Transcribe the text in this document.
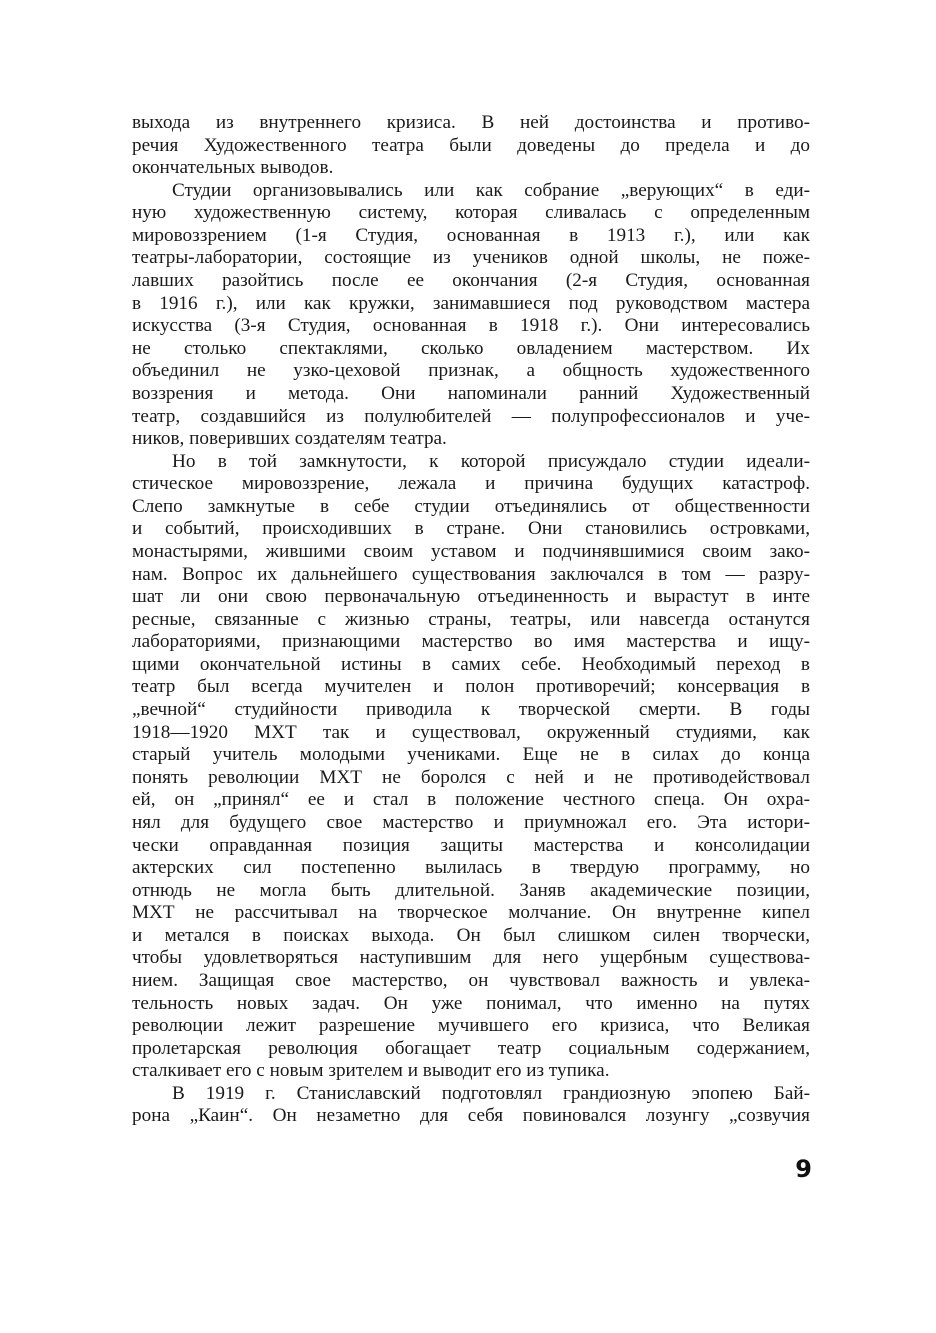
выхода из внутреннего кризиса. В ней достоинства и противо-
речия Художественного театра были доведены до предела и до
окончательных выводов.
Студии организовывались или как собрание „верующих“ в еди-
ную художественную систему, которая сливалась с определенным
мировоззрением (1-я Студия, основанная в 1913 г.), или как
театры-лаборатории, состоящие из учеников одной школы, не поже-
лавших разойтись после ее окончания (2-я Студия, основанная
в 1916 г.), или как кружки, занимавшиеся под руководством мастера
искусства (3-я Студия, основанная в 1918 г.). Они интересовались
не столько спектаклями, сколько овладением мастерством. Их
объединил не узко-цеховой признак, а общность художественного
воззрения и метода. Они напоминали ранний Художественный
театр, создавшийся из полулюбителей — полупрофессионалов и уче-
ников, поверивших создателям театра.
Но в той замкнутости, к которой присуждало студии идеали-
стическое мировоззрение, лежала и причина будущих катастроф.
Слепо замкнутые в себе студии отъединялись от общественности
и событий, происходивших в стране. Они становились островками,
монастырями, жившими своим уставом и подчинявшимися своим зако-
нам. Вопрос их дальнейшего существования заключался в том — разру-
шат ли они свою первоначальную отъединенность и вырастут в инте
ресные, связанные с жизнью страны, театры, или навсегда останутся
лабораториями, признающими мастерство во имя мастерства и ищу-
щими окончательной истины в самих себе. Необходимый переход в
театр был всегда мучителен и полон противоречий; консервация в
„вечной“ студийности приводила к творческой смерти. В годы
1918—1920 МХТ так и существовал, окруженный студиями, как
старый учитель молодыми учениками. Еще не в силах до конца
понять революции МХТ не боролся с ней и не противодействовал
ей, он „принял“ ее и стал в положение честного спеца. Он охра-
нял для будущего свое мастерство и приумножал его. Эта истори-
чески оправданная позиция защиты мастерства и консолидации
актерских сил постепенно вылилась в твердую программу, но
отнюдь не могла быть длительной. Заняв академические позиции,
МХТ не рассчитывал на творческое молчание. Он внутренне кипел
и метался в поисках выхода. Он был слишком силен творчески,
чтобы удовлетворяться наступившим для него ущербным существова-
нием. Защищая свое мастерство, он чувствовал важность и увлека-
тельность новых задач. Он уже понимал, что именно на путях
революции лежит разрешение мучившего его кризиса, что Великая
пролетарская революция обогащает театр социальным содержанием,
сталкивает его с новым зрителем и выводит его из тупика.
В 1919 г. Станиславский подготовлял грандиозную эпопею Бай-
рона „Каин“. Он незаметно для себя повиновался лозунгу „созвучия
9
